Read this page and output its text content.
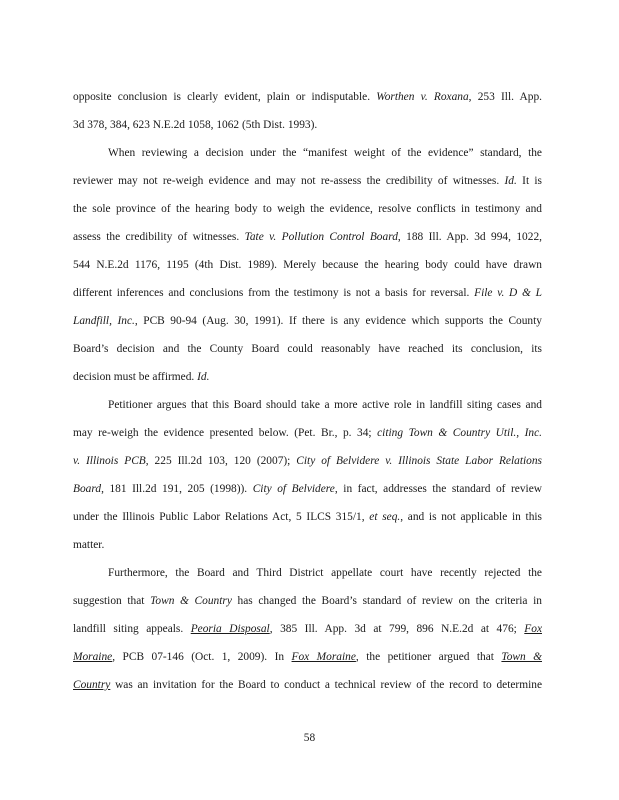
opposite conclusion is clearly evident, plain or indisputable. Worthen v. Roxana, 253 Ill. App.
3d 378, 384, 623 N.E.2d 1058, 1062 (5th Dist. 1993).
When reviewing a decision under the “manifest weight of the evidence” standard, the
reviewer may not re-weigh evidence and may not re-assess the credibility of witnesses. Id. It is
the sole province of the hearing body to weigh the evidence, resolve conflicts in testimony and
assess the credibility of witnesses. Tate v. Pollution Control Board, 188 Ill. App. 3d 994, 1022,
544 N.E.2d 1176, 1195 (4th Dist. 1989). Merely because the hearing body could have drawn
different inferences and conclusions from the testimony is not a basis for reversal. File v. D & L
Landfill, Inc., PCB 90-94 (Aug. 30, 1991). If there is any evidence which supports the County
Board’s decision and the County Board could reasonably have reached its conclusion, its
decision must be affirmed. Id.
Petitioner argues that this Board should take a more active role in landfill siting cases and
may re-weigh the evidence presented below. (Pet. Br., p. 34; citing Town & Country Util., Inc.
v. Illinois PCB, 225 Ill.2d 103, 120 (2007); City of Belvidere v. Illinois State Labor Relations
Board, 181 Ill.2d 191, 205 (1998)). City of Belvidere, in fact, addresses the standard of review
under the Illinois Public Labor Relations Act, 5 ILCS 315/1, et seq., and is not applicable in this
matter.
Furthermore, the Board and Third District appellate court have recently rejected the
suggestion that Town & Country has changed the Board’s standard of review on the criteria in
landfill siting appeals. Peoria Disposal, 385 Ill. App. 3d at 799, 896 N.E.2d at 476; Fox
Moraine, PCB 07-146 (Oct. 1, 2009). In Fox Moraine, the petitioner argued that Town &
Country was an invitation for the Board to conduct a technical review of the record to determine
58
